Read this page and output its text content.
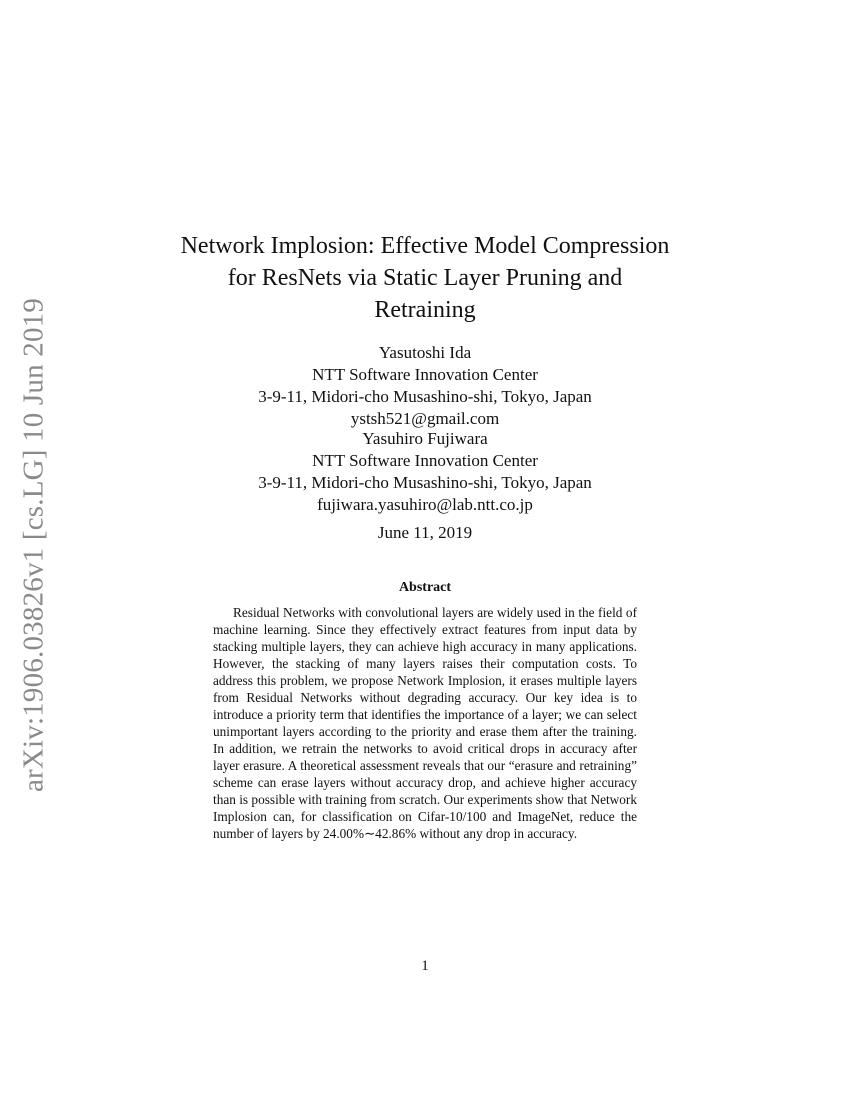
arXiv:1906.03826v1 [cs.LG] 10 Jun 2019
Network Implosion: Effective Model Compression
for ResNets via Static Layer Pruning and
Retraining
Yasutoshi Ida
NTT Software Innovation Center
3-9-11, Midori-cho Musashino-shi, Tokyo, Japan
ystsh521@gmail.com
Yasuhiro Fujiwara
NTT Software Innovation Center
3-9-11, Midori-cho Musashino-shi, Tokyo, Japan
fujiwara.yasuhiro@lab.ntt.co.jp
June 11, 2019
Abstract

Residual Networks with convolutional layers are widely used in the field of machine learning. Since they effectively extract features from input data by stacking multiple layers, they can achieve high accuracy in many applications. However, the stacking of many layers raises their computation costs. To address this problem, we propose Network Implosion, it erases multiple layers from Residual Networks without degrading accuracy. Our key idea is to introduce a priority term that identifies the importance of a layer; we can select unimportant layers according to the priority and erase them after the training. In addition, we retrain the networks to avoid critical drops in accuracy after layer erasure. A theoretical assessment reveals that our “erasure and retraining” scheme can erase layers without accuracy drop, and achieve higher accuracy than is possible with training from scratch. Our experiments show that Network Implosion can, for classification on Cifar-10/100 and ImageNet, reduce the number of layers by 24.00%∼42.86% without any drop in accuracy.

1
